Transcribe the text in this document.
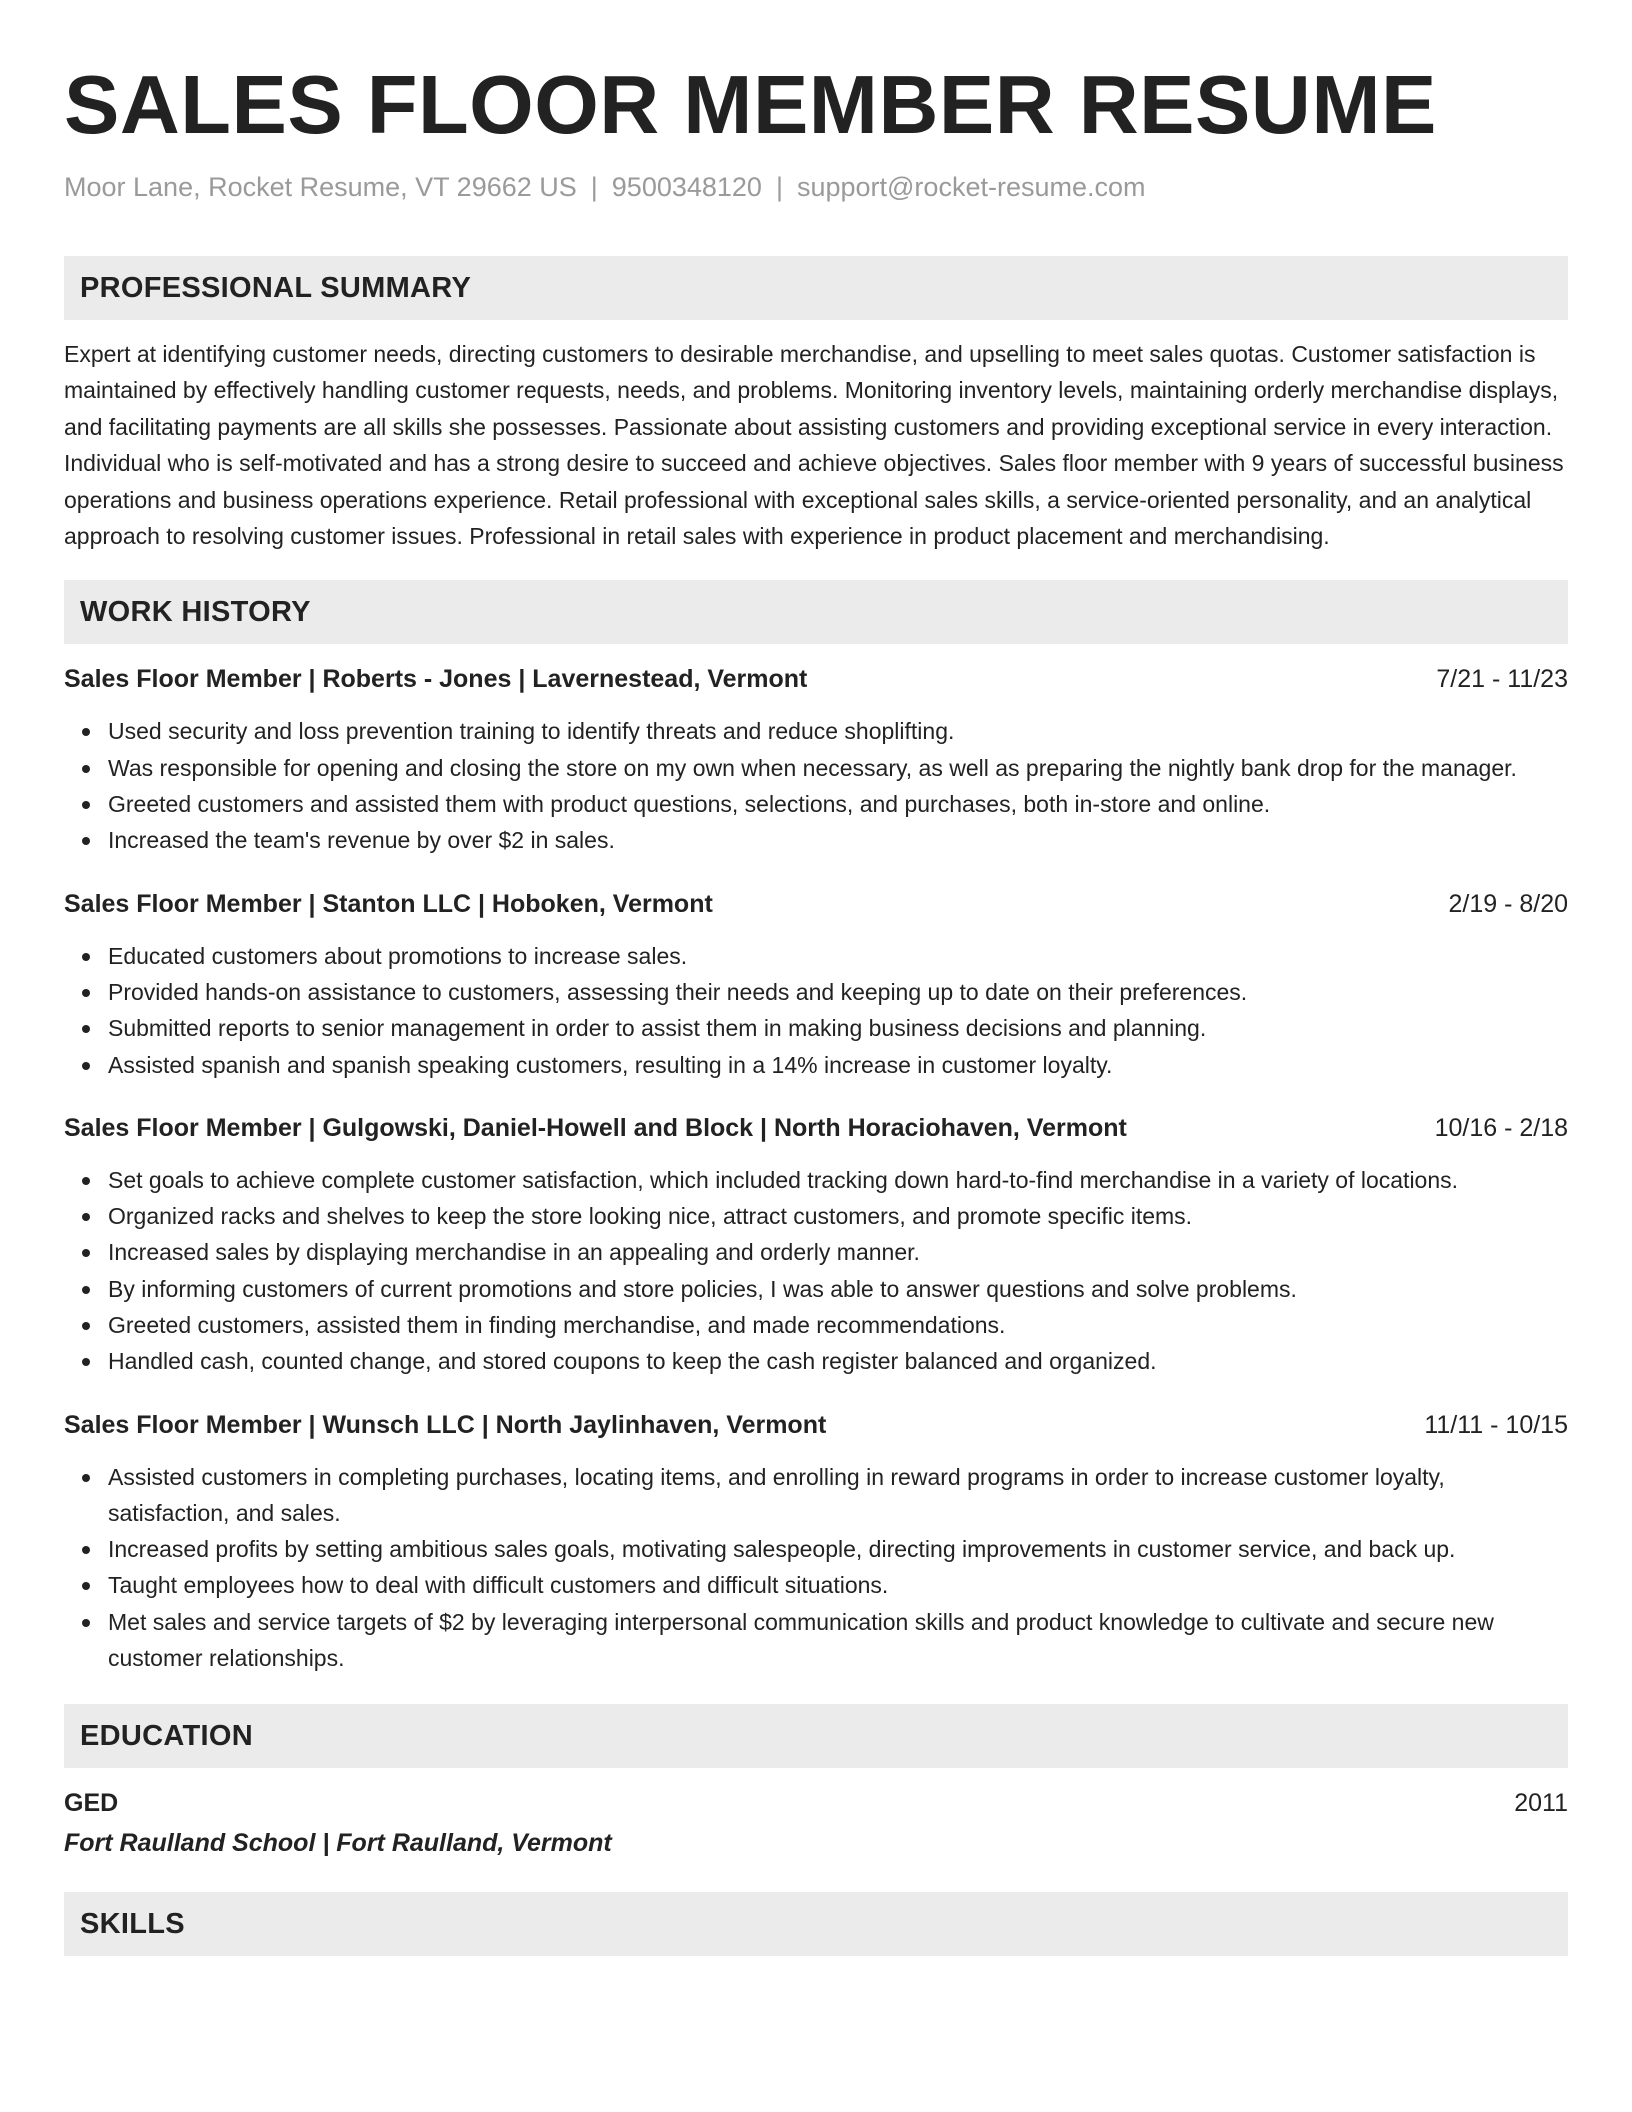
SALES FLOOR MEMBER RESUME
Moor Lane, Rocket Resume, VT 29662 US | 9500348120 | support@rocket-resume.com
PROFESSIONAL SUMMARY

Expert at identifying customer needs, directing customers to desirable merchandise, and upselling to meet sales quotas. Customer satisfaction is maintained by effectively handling customer requests, needs, and problems. Monitoring inventory levels, maintaining orderly merchandise displays, and facilitating payments are all skills she possesses. Passionate about assisting customers and providing exceptional service in every interaction. Individual who is self-motivated and has a strong desire to succeed and achieve objectives. Sales floor member with 9 years of successful business operations and business operations experience. Retail professional with exceptional sales skills, a service-oriented personality, and an analytical approach to resolving customer issues. Professional in retail sales with experience in product placement and merchandising.

WORK HISTORY
Sales Floor Member | Roberts - Jones | Lavernestead, Vermont	7/21 - 11/23
Used security and loss prevention training to identify threats and reduce shoplifting.
Was responsible for opening and closing the store on my own when necessary, as well as preparing the nightly bank drop for the manager.
Greeted customers and assisted them with product questions, selections, and purchases, both in-store and online.
Increased the team's revenue by over $2 in sales.
Sales Floor Member | Stanton LLC | Hoboken, Vermont	2/19 - 8/20
Educated customers about promotions to increase sales.
Provided hands-on assistance to customers, assessing their needs and keeping up to date on their preferences.
Submitted reports to senior management in order to assist them in making business decisions and planning.
Assisted spanish and spanish speaking customers, resulting in a 14% increase in customer loyalty.
Sales Floor Member | Gulgowski, Daniel-Howell and Block | North Horaciohaven, Vermont	10/16 - 2/18
Set goals to achieve complete customer satisfaction, which included tracking down hard-to-find merchandise in a variety of locations.
Organized racks and shelves to keep the store looking nice, attract customers, and promote specific items.
Increased sales by displaying merchandise in an appealing and orderly manner.
By informing customers of current promotions and store policies, I was able to answer questions and solve problems.
Greeted customers, assisted them in finding merchandise, and made recommendations.
Handled cash, counted change, and stored coupons to keep the cash register balanced and organized.
Sales Floor Member | Wunsch LLC | North Jaylinhaven, Vermont	11/11 - 10/15
Assisted customers in completing purchases, locating items, and enrolling in reward programs in order to increase customer loyalty, satisfaction, and sales.
Increased profits by setting ambitious sales goals, motivating salespeople, directing improvements in customer service, and back up.
Taught employees how to deal with difficult customers and difficult situations.
Met sales and service targets of $2 by leveraging interpersonal communication skills and product knowledge to cultivate and secure new customer relationships.
EDUCATION
GED	2011
Fort Raulland School | Fort Raulland, Vermont
SKILLS
